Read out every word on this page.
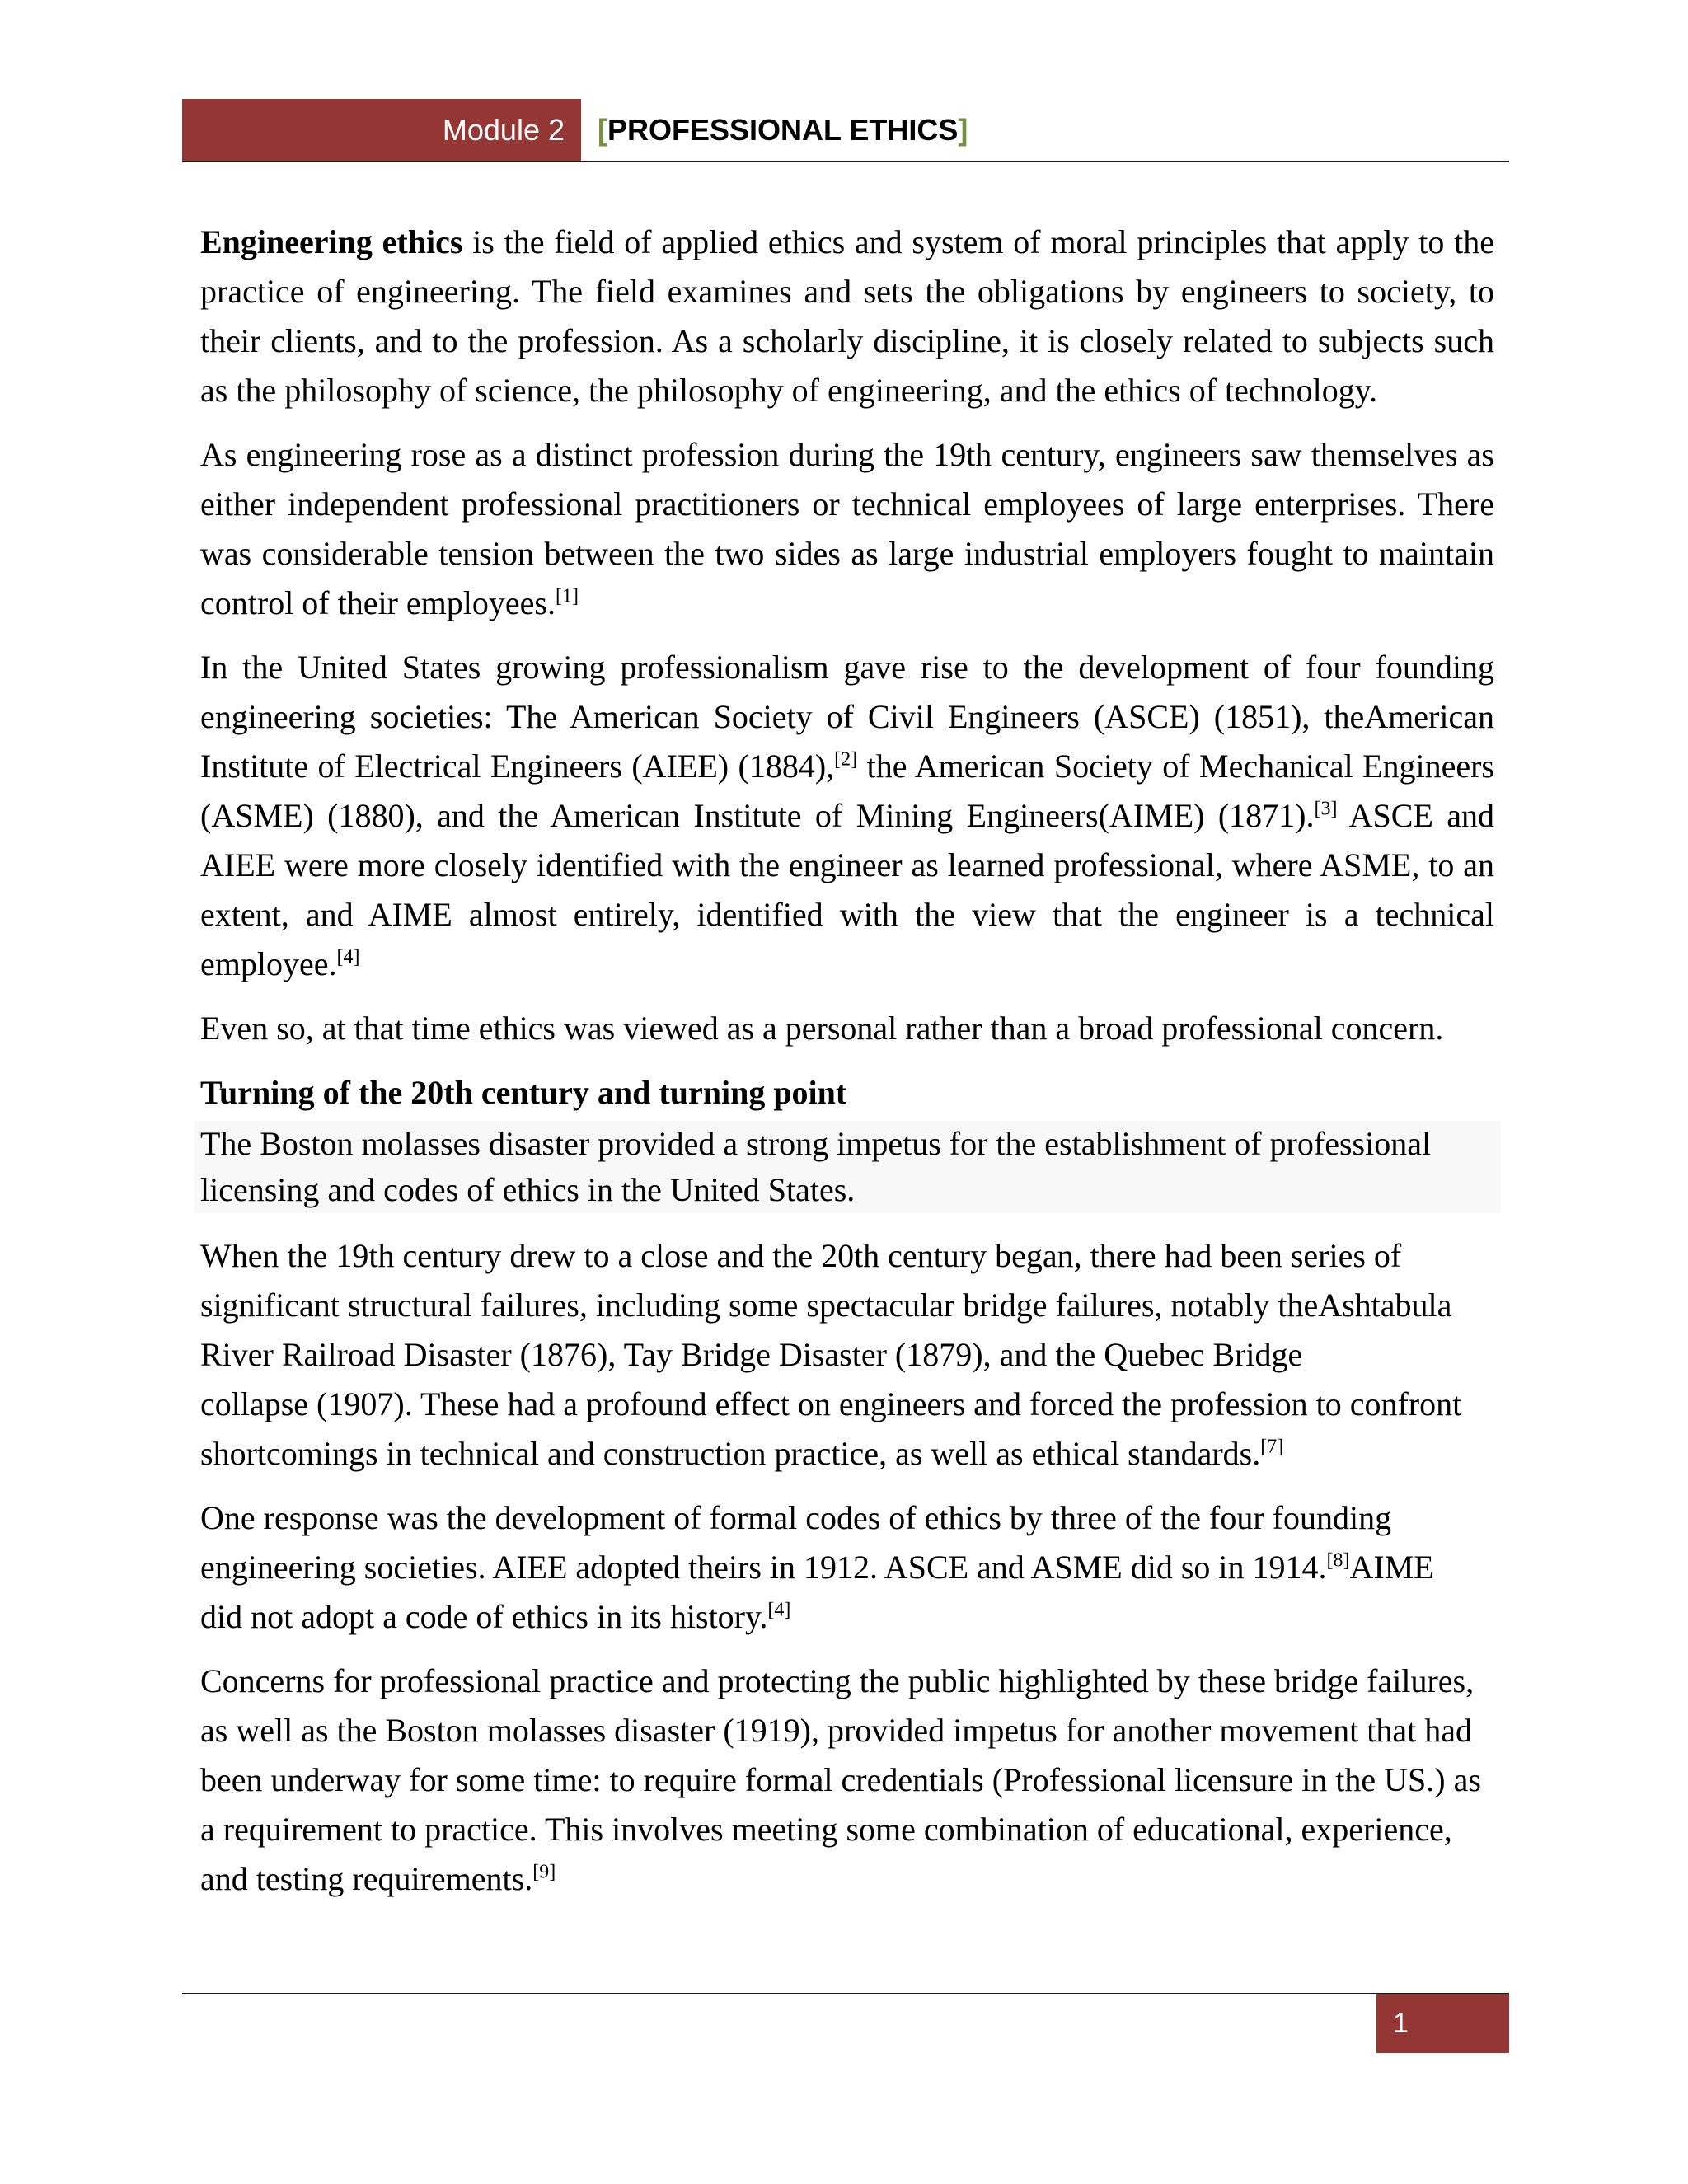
Module 2 [PROFESSIONAL ETHICS]

Engineering ethics is the field of applied ethics and system of moral principles that apply to the practice of engineering. The field examines and sets the obligations by engineers to society, to their clients, and to the profession. As a scholarly discipline, it is closely related to subjects such as the philosophy of science, the philosophy of engineering, and the ethics of technology.

As engineering rose as a distinct profession during the 19th century, engineers saw themselves as either independent professional practitioners or technical employees of large enterprises. There was considerable tension between the two sides as large industrial employers fought to maintain control of their employees.[1]

In the United States growing professionalism gave rise to the development of four founding engineering societies: The American Society of Civil Engineers (ASCE) (1851), theAmerican Institute of Electrical Engineers (AIEE) (1884),[2] the American Society of Mechanical Engineers (ASME) (1880), and the American Institute of Mining Engineers(AIME) (1871).[3] ASCE and AIEE were more closely identified with the engineer as learned professional, where ASME, to an extent, and AIME almost entirely, identified with the view that the engineer is a technical employee.[4]

Even so, at that time ethics was viewed as a personal rather than a broad professional concern.

Turning of the 20th century and turning point
The Boston molasses disaster provided a strong impetus for the establishment of professional licensing and codes of ethics in the United States.

When the 19th century drew to a close and the 20th century began, there had been series of
significant structural failures, including some spectacular bridge failures, notably theAshtabula
River Railroad Disaster (1876), Tay Bridge Disaster (1879), and the Quebec Bridge
collapse (1907). These had a profound effect on engineers and forced the profession to confront
shortcomings in technical and construction practice, as well as ethical standards.[7]

One response was the development of formal codes of ethics by three of the four founding
engineering societies. AIEE adopted theirs in 1912. ASCE and ASME did so in 1914.[8]AIME
did not adopt a code of ethics in its history.[4]

Concerns for professional practice and protecting the public highlighted by these bridge failures,
as well as the Boston molasses disaster (1919), provided impetus for another movement that had
been underway for some time: to require formal credentials (Professional licensure in the US.) as
a requirement to practice. This involves meeting some combination of educational, experience,
and testing requirements.[9]

1
